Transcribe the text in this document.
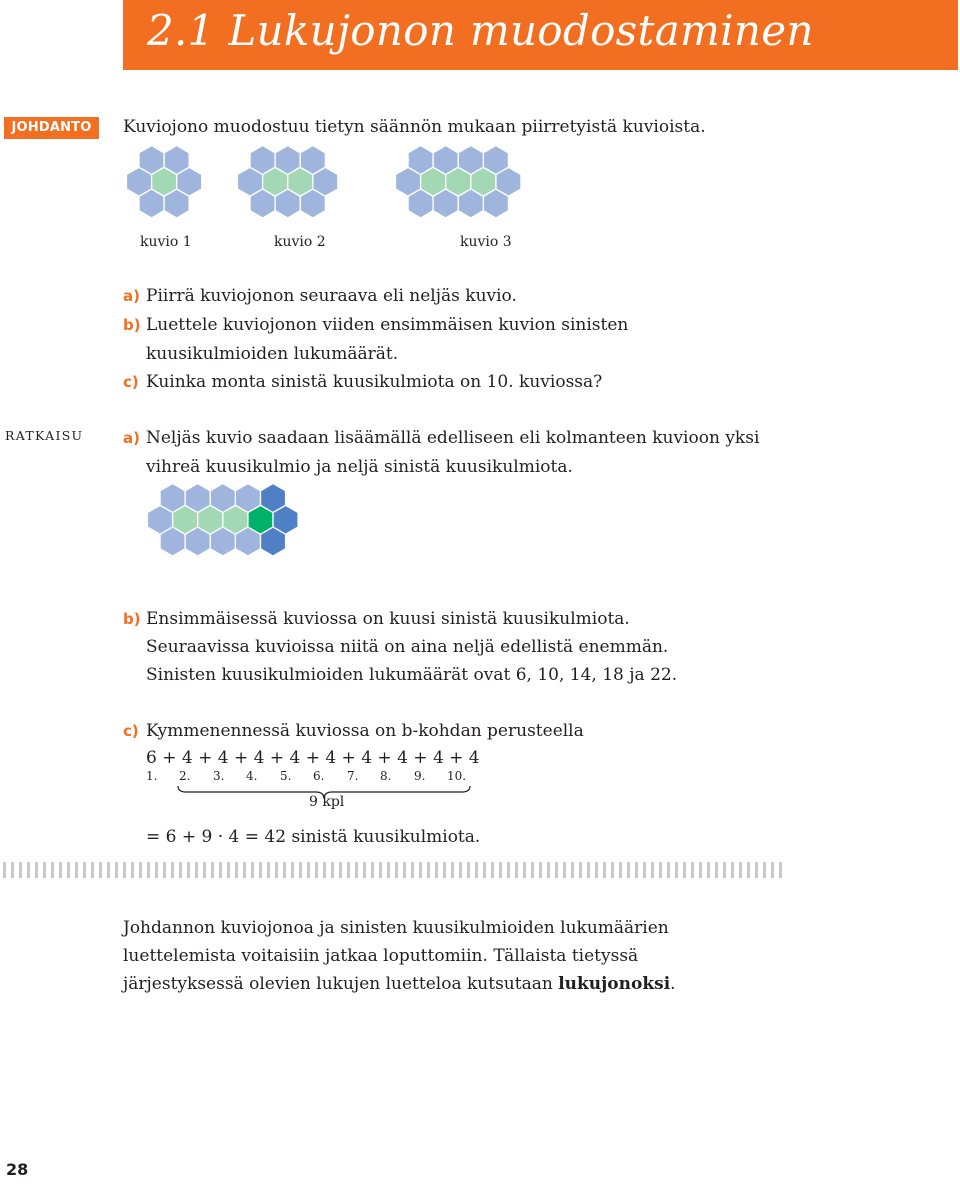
2.1 Lukujonon muodostaminen
JOHDANTO	Kuviojono muodostuu tietyn säännön mukaan piirretyistä kuvioista.
kuvio 1	kuvio 2	kuvio 3
a) Piirrä kuviojonon seuraava eli neljäs kuvio.
b) Luettele kuviojonon viiden ensimmäisen kuvion sinisten
kuusikulmioiden lukumäärät.
c) Kuinka monta sinistä kuusikulmiota on 10. kuviossa?
RATKAISU	a) Neljäs kuvio saadaan lisäämällä edelliseen eli kolmanteen kuvioon yksi
vihreä kuusikulmio ja neljä sinistä kuusikulmiota.
b) Ensimmäisessä kuviossa on kuusi sinistä kuusikulmiota.
Seuraavissa kuvioissa niitä on aina neljä edellistä enemmän.
Sinisten kuusikulmioiden lukumäärät ovat 6, 10, 14, 18 ja 22.
c) Kymmenennessä kuviossa on b-kohdan perusteella
6 + 4 + 4 + 4 + 4 + 4 + 4 + 4 + 4 + 4
1. 2. 3. 4. 5. 6. 7. 8. 9. 10.
9 kpl
= 6 + 9 · 4 = 42 sinistä kuusikulmiota.
Johdannon kuviojonoa ja sinisten kuusikulmioiden lukumäärien
luettelemista voitaisiin jatkaa loputtomiin. Tällaista tietyssä
järjestyksessä olevien lukujen luetteloa kutsutaan lukujonoksi.
28
